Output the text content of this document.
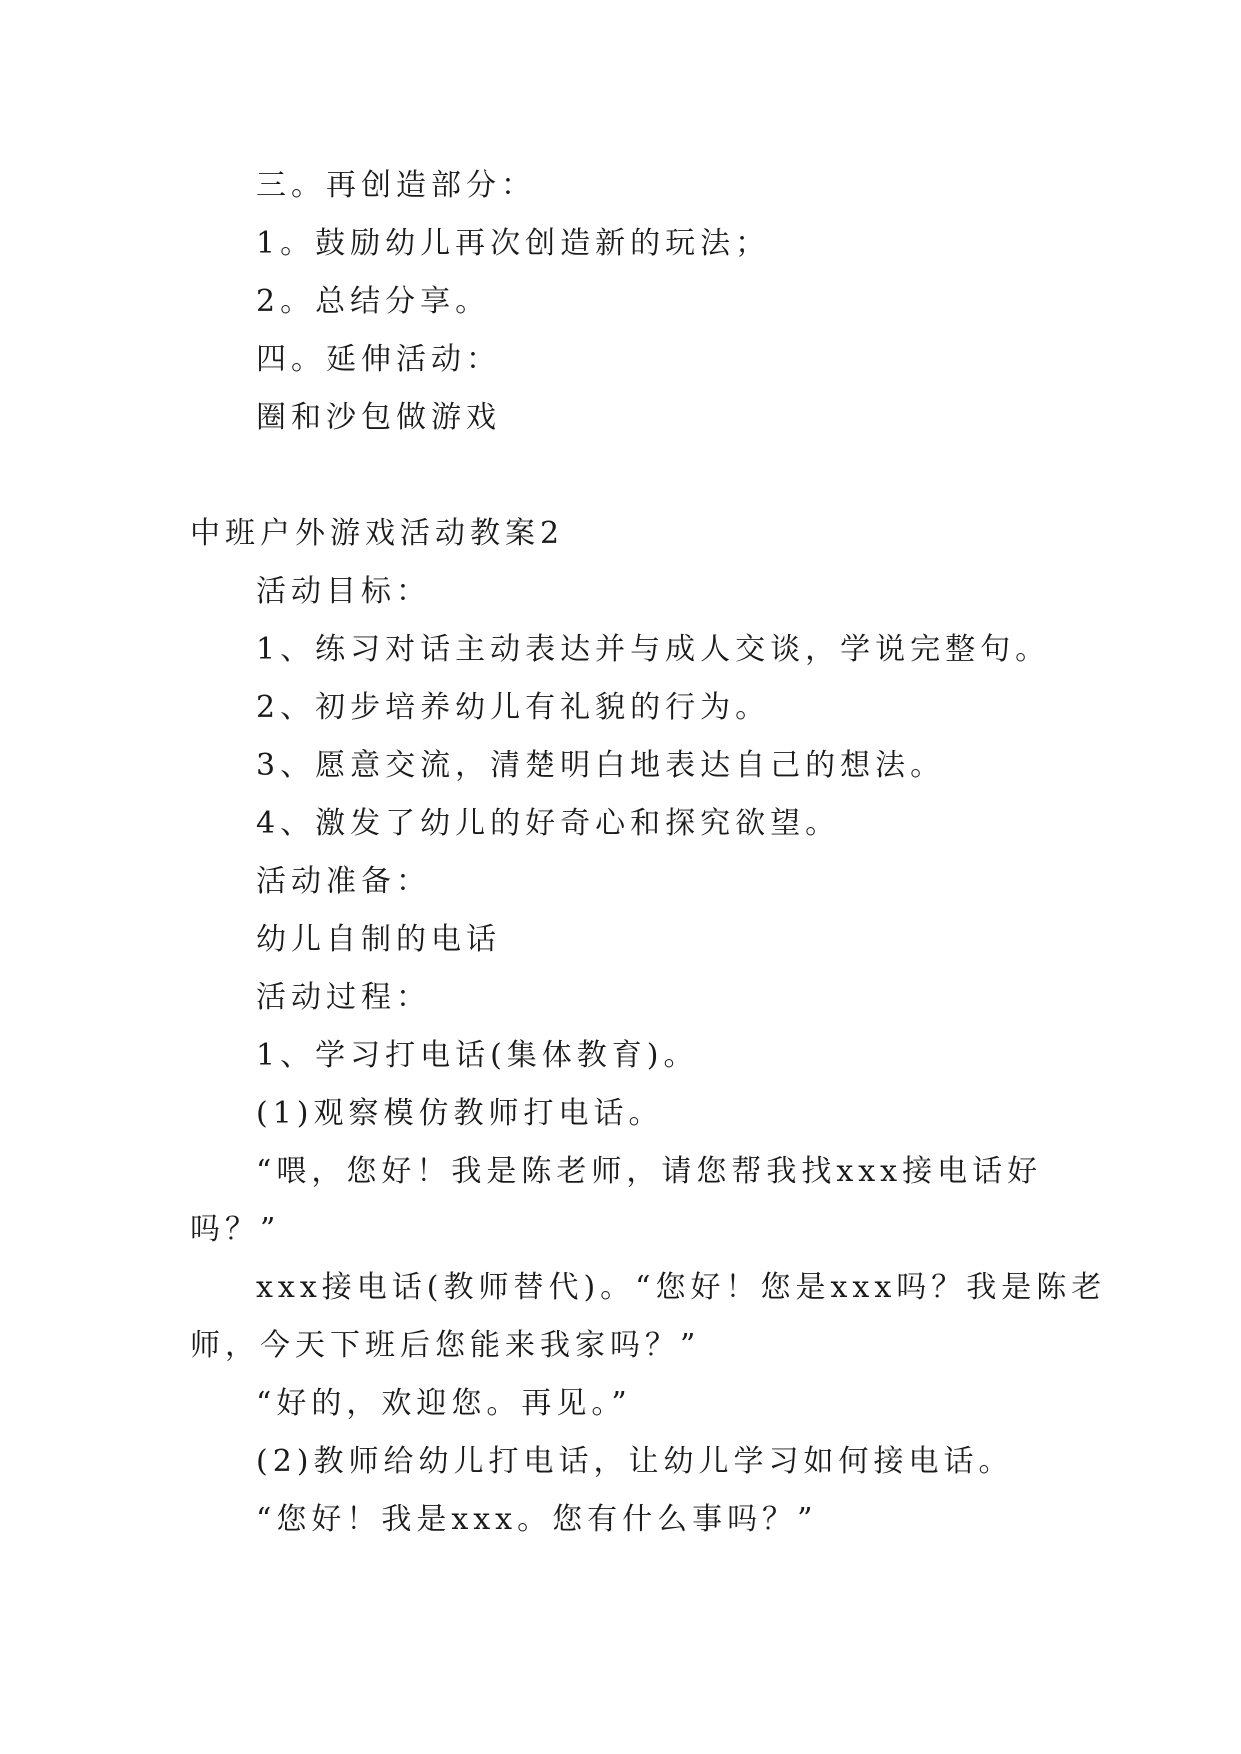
三。再创造部分：
1。鼓励幼儿再次创造新的玩法；
2。总结分享。
四。延伸活动：
圈和沙包做游戏
中班户外游戏活动教案2
活动目标：
1、练习对话主动表达并与成人交谈，学说完整句。
2、初步培养幼儿有礼貌的行为。
3、愿意交流，清楚明白地表达自己的想法。
4、激发了幼儿的好奇心和探究欲望。
活动准备：
幼儿自制的电话
活动过程：
1、学习打电话(集体教育)。
(1)观察模仿教师打电话。
“喂，您好！我是陈老师，请您帮我找xxx接电话好
吗？”
xxx接电话(教师替代)。“您好！您是xxx吗？我是陈老
师，今天下班后您能来我家吗？”
“好的，欢迎您。再见。”
(2)教师给幼儿打电话，让幼儿学习如何接电话。
“您好！我是xxx。您有什么事吗？”
